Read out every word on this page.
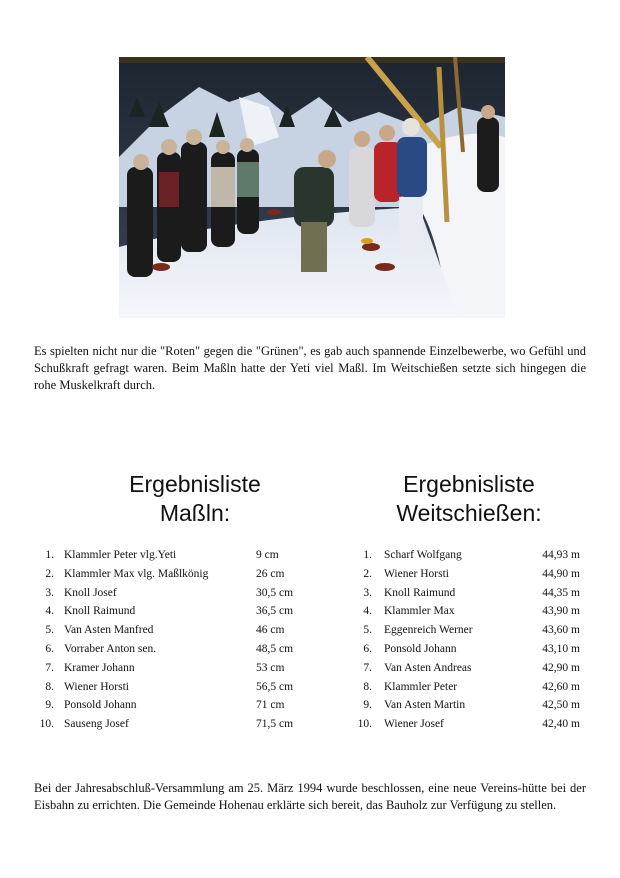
Es spielten nicht nur die "Roten" gegen die "Grünen", es gab auch spannende Einzelbewerbe, wo Gefühl und Schußkraft gefragt waren. Beim Maßln hatte der Yeti viel Maßl. Im Weitschießen setzte sich hingegen die rohe Muskelkraft durch.

Ergebnisliste
Maßln:
Ergebnisliste
Weitschießen:
1. Klammler Peter vlg.Yeti	9 cm
2. Klammler Max vlg. Maßlkönig	26 cm
3. Knoll Josef	30,5 cm
4. Knoll Raimund	36,5 cm
5. Van Asten Manfred	46 cm
6. Vorraber Anton sen.	48,5 cm
7. Kramer Johann	53 cm
8. Wiener Horsti	56,5 cm
9. Ponsold Johann	71 cm
10. Sauseng Josef	71,5 cm
1. Scharf Wolfgang	44,93 m
2. Wiener Horsti	44,90 m
3. Knoll Raimund	44,35 m
4. Klammler Max	43,90 m
5. Eggenreich Werner	43,60 m
6. Ponsold Johann	43,10 m
7. Van Asten Andreas	42,90 m
8. Klammler Peter	42,60 m
9. Van Asten Martin	42,50 m
10. Wiener Josef	42,40 m

Bei der Jahresabschluß-Versammlung am 25. März 1994 wurde beschlossen, eine neue Vereins-hütte bei der Eisbahn zu errichten. Die Gemeinde Hohenau erklärte sich bereit, das Bauholz zur Verfügung zu stellen.
